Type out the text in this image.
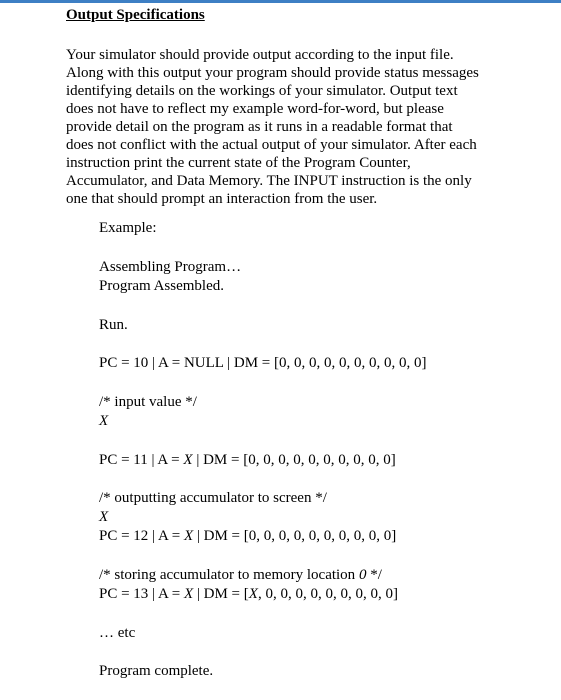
Output Specifications
Your simulator should provide output according to the input file.
Along with this output your program should provide status messages
identifying details on the workings of your simulator. Output text
does not have to reflect my example word-for-word, but please
provide detail on the program as it runs in a readable format that
does not conflict with the actual output of your simulator. After each
instruction print the current state of the Program Counter,
Accumulator, and Data Memory. The INPUT instruction is the only
one that should prompt an interaction from the user.
Example:
Assembling Program…
Program Assembled.
Run.
PC = 10 | A = NULL | DM = [0, 0, 0, 0, 0, 0, 0, 0, 0, 0]
/* input value */
X
PC = 11 | A = X | DM = [0, 0, 0, 0, 0, 0, 0, 0, 0, 0]
/* outputting accumulator to screen */
X
PC = 12 | A = X | DM = [0, 0, 0, 0, 0, 0, 0, 0, 0, 0]
/* storing accumulator to memory location 0 */
PC = 13 | A = X | DM = [X, 0, 0, 0, 0, 0, 0, 0, 0, 0]
… etc
Program complete.
